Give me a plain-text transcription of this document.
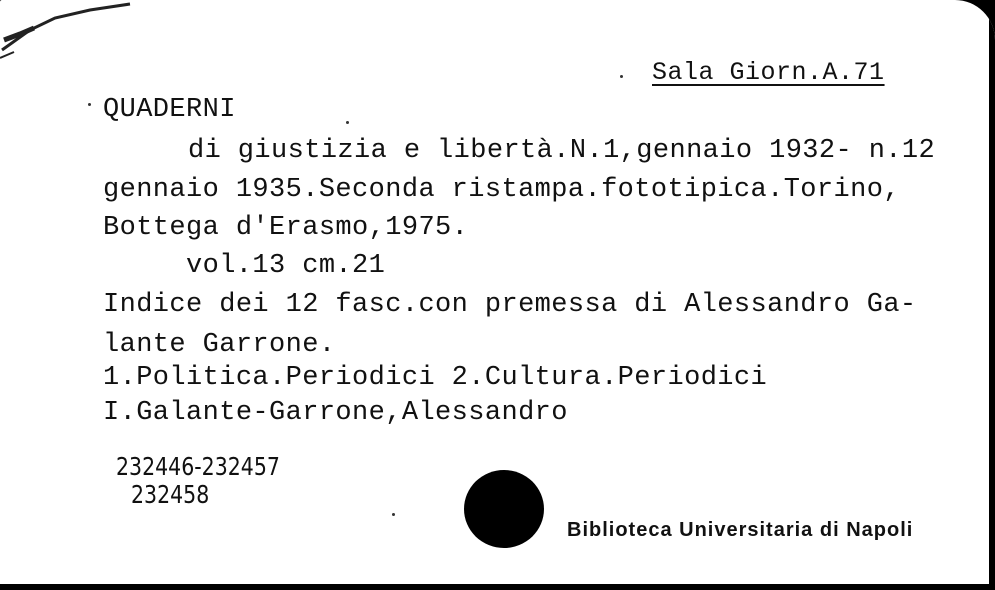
Sala Giorn.A.71
QUADERNI
di giustizia e libertà.N.1,gennaio 1932- n.12
gennaio 1935.Seconda ristampa.fototipica.Torino,
Bottega d'Erasmo,1975.
vol.13 cm.21
Indice dei 12 fasc.con premessa di Alessandro Ga-
lante Garrone.
1.Politica.Periodici 2.Cultura.Periodici
I.Galante-Garrone,Alessandro
232446-232457
232458
Biblioteca Universitaria di Napoli
